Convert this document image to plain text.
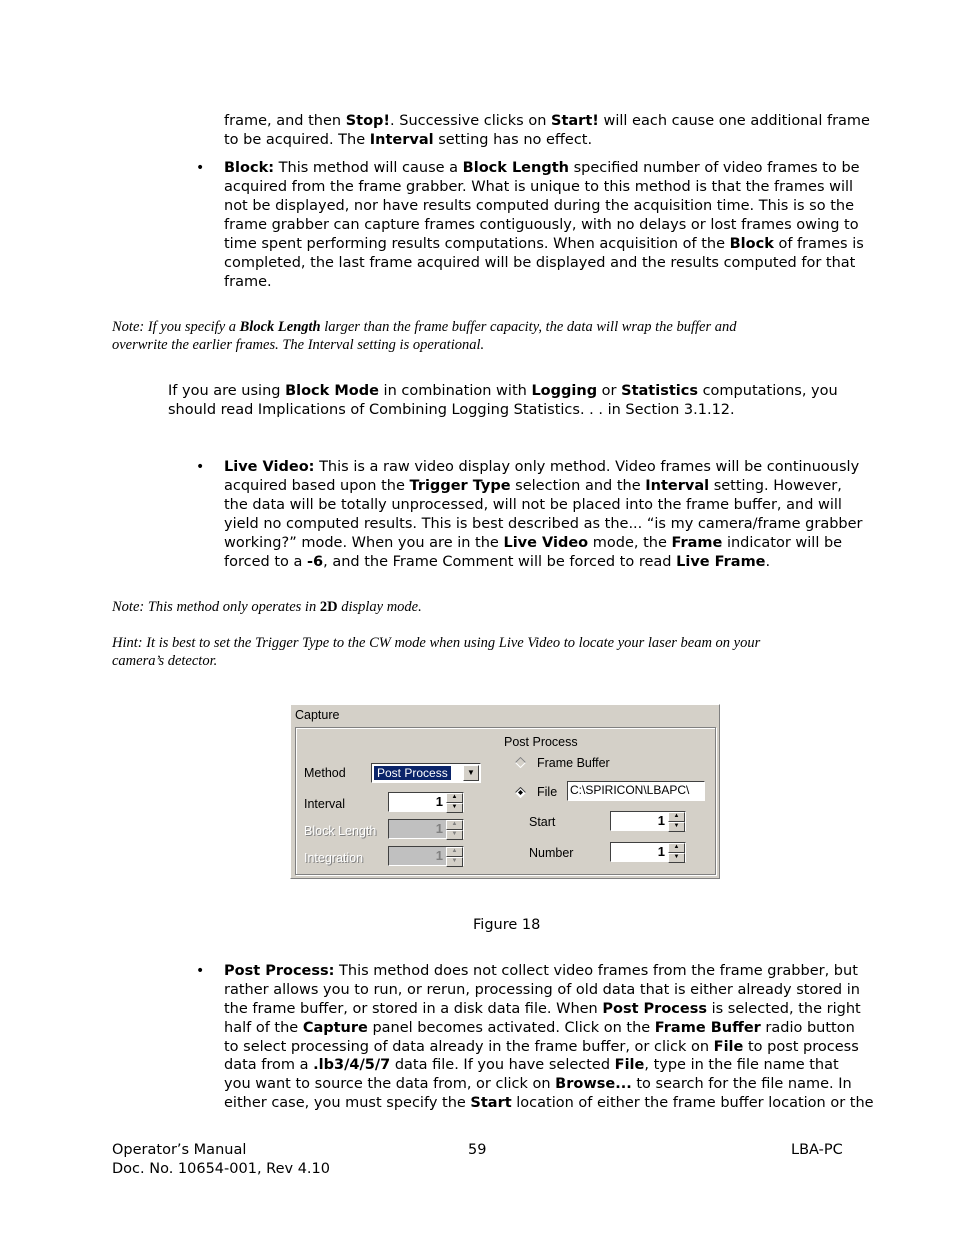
frame, and then Stop!. Successive clicks on Start! will each cause one additional frame

to be acquired. The Interval setting has no effect.

• Block: This method will cause a Block Length specified number of video frames to be

acquired from the frame grabber. What is unique to this method is that the frames will

not be displayed, nor have results computed during the acquisition time. This is so the

frame grabber can capture frames contiguously, with no delays or lost frames owing to

time spent performing results computations. When acquisition of the Block of frames is

completed, the last frame acquired will be displayed and the results computed for that

frame.

Note: If you specify a Block Length larger than the frame buffer capacity, the data will wrap the buffer and

overwrite the earlier frames. The Interval setting is operational.

If you are using Block Mode in combination with Logging or Statistics computations, you

should read Implications of Combining Logging Statistics. . . in Section 3.1.12.

• Live Video: This is a raw video display only method. Video frames will be continuously

acquired based upon the Trigger Type selection and the Interval setting. However,

the data will be totally unprocessed, will not be placed into the frame buffer, and will

yield no computed results. This is best described as the... “is my camera/frame grabber

working?” mode. When you are in the Live Video mode, the Frame indicator will be

forced to a -6, and the Frame Comment will be forced to read Live Frame.

Note: This method only operates in 2D display mode.

Hint: It is best to set the Trigger Type to the CW mode when using Live Video to locate your laser beam on your

camera’s detector.

Capture
Method	Post Process	▼
Interval	1	▲
▼
Block Length	1	▲
▼
Integration	1	▲
▼
Post Process
Frame Buffer
File C:\SPIRICON\LBAPC\
Start	1	▲
▼
Number	1	▲
▼

Figure 18

• Post Process: This method does not collect video frames from the frame grabber, but

rather allows you to run, or rerun, processing of old data that is either already stored in

the frame buffer, or stored in a disk data file. When Post Process is selected, the right

half of the Capture panel becomes activated. Click on the Frame Buffer radio button

to select processing of data already in the frame buffer, or click on File to post process

data from a .lb3/4/5/7 data file. If you have selected File, type in the file name that

you want to source the data from, or click on Browse... to search for the file name. In

either case, you must specify the Start location of either the frame buffer location or the

Operator’s Manual

Doc. No. 10654-001, Rev 4.10

59	LBA-PC
